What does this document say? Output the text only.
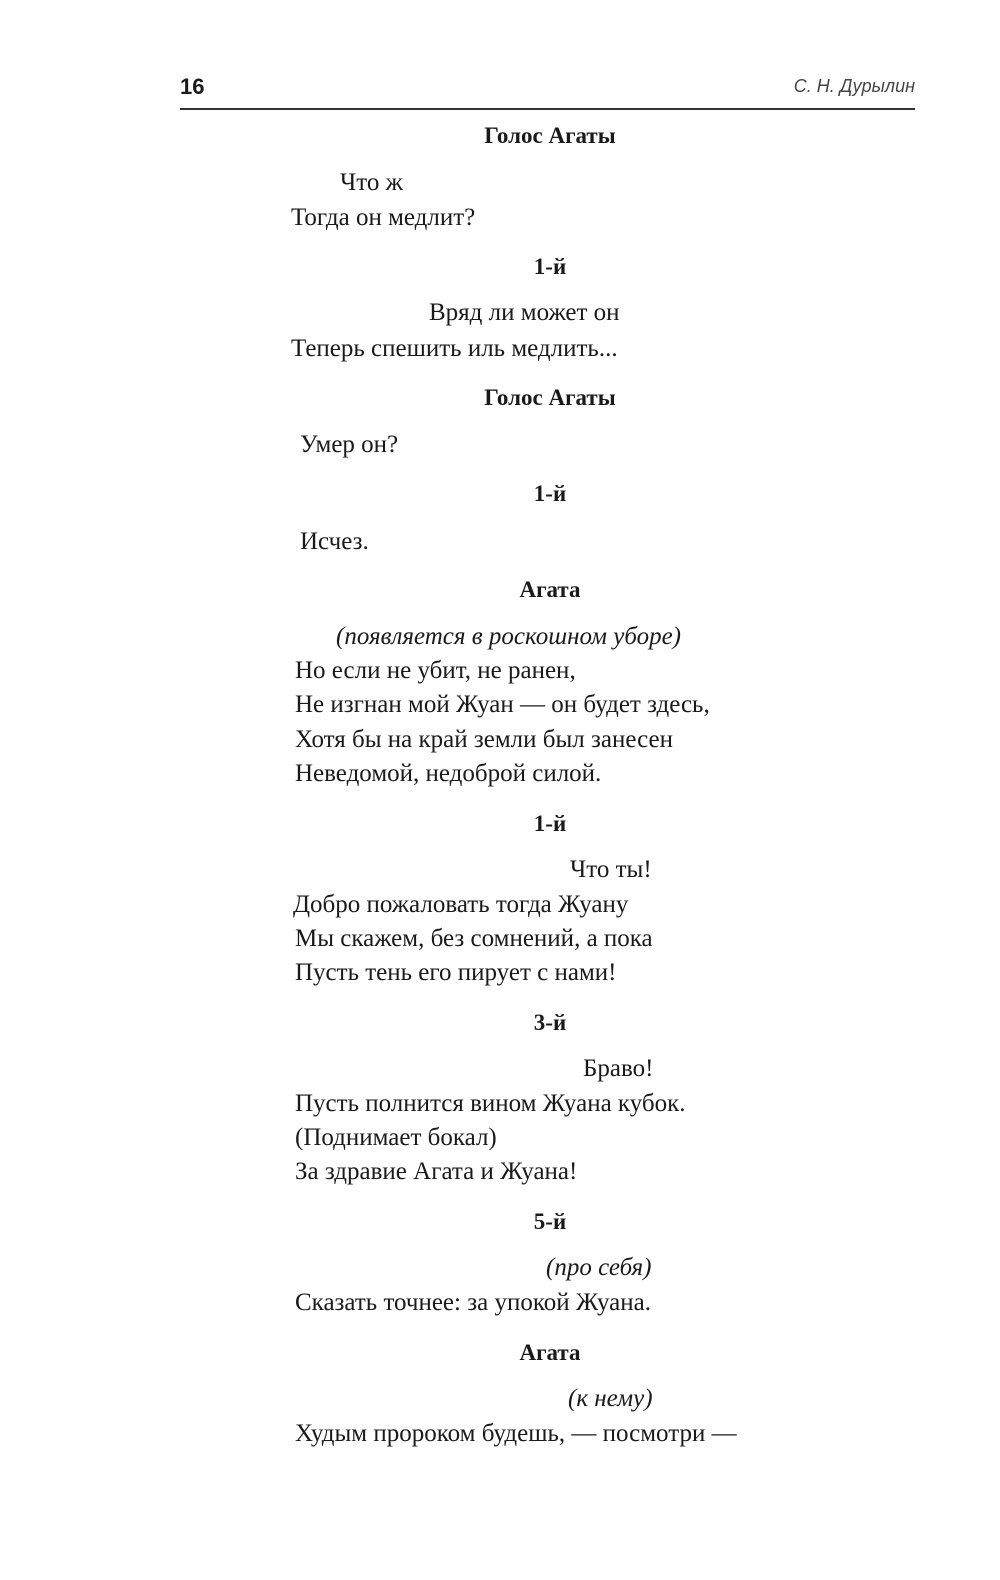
16	С. Н. Дурылин
Голос Агаты
Что ж
Тогда он медлит?
1-й
Вряд ли может он
Теперь спешить иль медлить...
Голос Агаты
Умер он?
1-й
Исчез.
Агата
(появляется в роскошном уборе)
Но если не убит, не ранен,
Не изгнан мой Жуан — он будет здесь,
Хотя бы на край земли был занесен
Неведомой, недоброй силой.
1-й
Что ты!
Добро пожаловать тогда Жуану
Мы скажем, без сомнений, а пока
Пусть тень его пирует с нами!
3-й
Браво!
Пусть полнится вином Жуана кубок.
(Поднимает бокал)
За здравие Агата и Жуана!
5-й
(про себя)
Сказать точнее: за упокой Жуана.
Агата
(к нему)
Худым пророком будешь, — посмотри —
